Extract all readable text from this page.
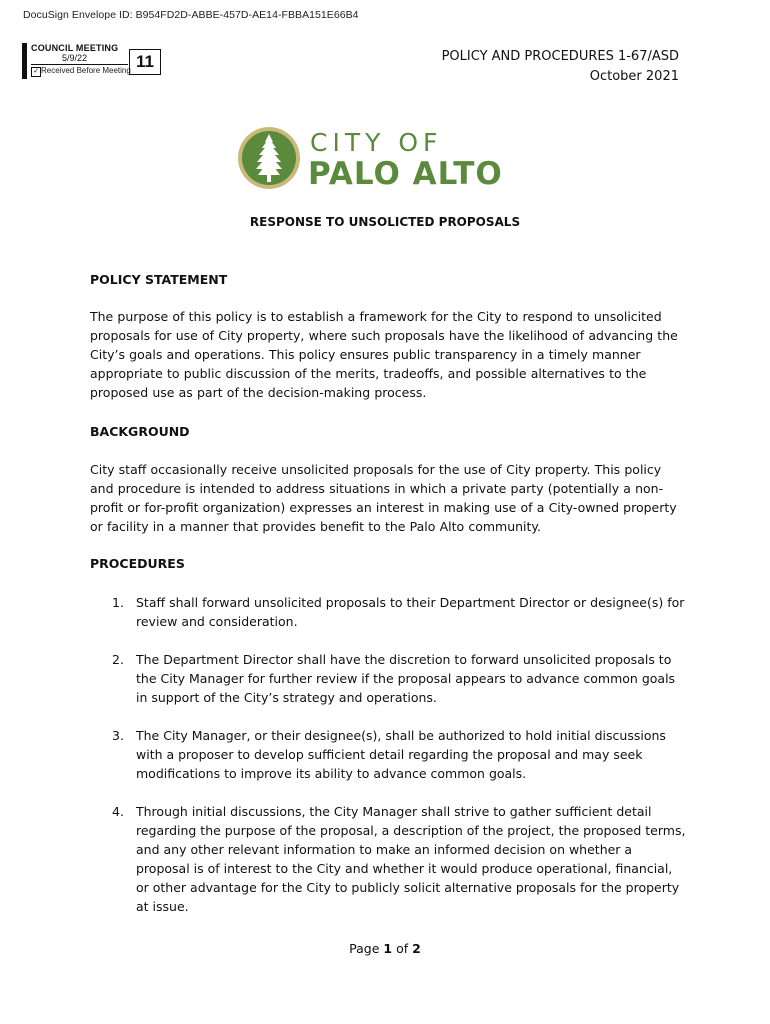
DocuSign Envelope ID: B954FD2D-ABBE-457D-AE14-FBBA151E66B4
COUNCIL MEETING
5/9/22
✓ Received Before Meeting 11	POLICY AND PROCEDURES 1-67/ASD
October 2021
CITY OF
PALO ALTO
RESPONSE TO UNSOLICTED PROPOSALS
POLICY STATEMENT
The purpose of this policy is to establish a framework for the City to respond to unsolicited proposals for use of City property, where such proposals have the likelihood of advancing the City’s goals and operations. This policy ensures public transparency in a timely manner appropriate to public discussion of the merits, tradeoffs, and possible alternatives to the proposed use as part of the decision-making process.
BACKGROUND
City staff occasionally receive unsolicited proposals for the use of City property. This policy and procedure is intended to address situations in which a private party (potentially a non-profit or for-profit organization) expresses an interest in making use of a City-owned property or facility in a manner that provides benefit to the Palo Alto community.
PROCEDURES
1. Staff shall forward unsolicited proposals to their Department Director or designee(s) for review and consideration.
2. The Department Director shall have the discretion to forward unsolicited proposals to the City Manager for further review if the proposal appears to advance common goals in support of the City’s strategy and operations.
3. The City Manager, or their designee(s), shall be authorized to hold initial discussions with a proposer to develop sufficient detail regarding the proposal and may seek modifications to improve its ability to advance common goals.
4. Through initial discussions, the City Manager shall strive to gather sufficient detail regarding the purpose of the proposal, a description of the project, the proposed terms, and any other relevant information to make an informed decision on whether a proposal is of interest to the City and whether it would produce operational, financial, or other advantage for the City to publicly solicit alternative proposals for the property at issue.
Page 1 of 2
